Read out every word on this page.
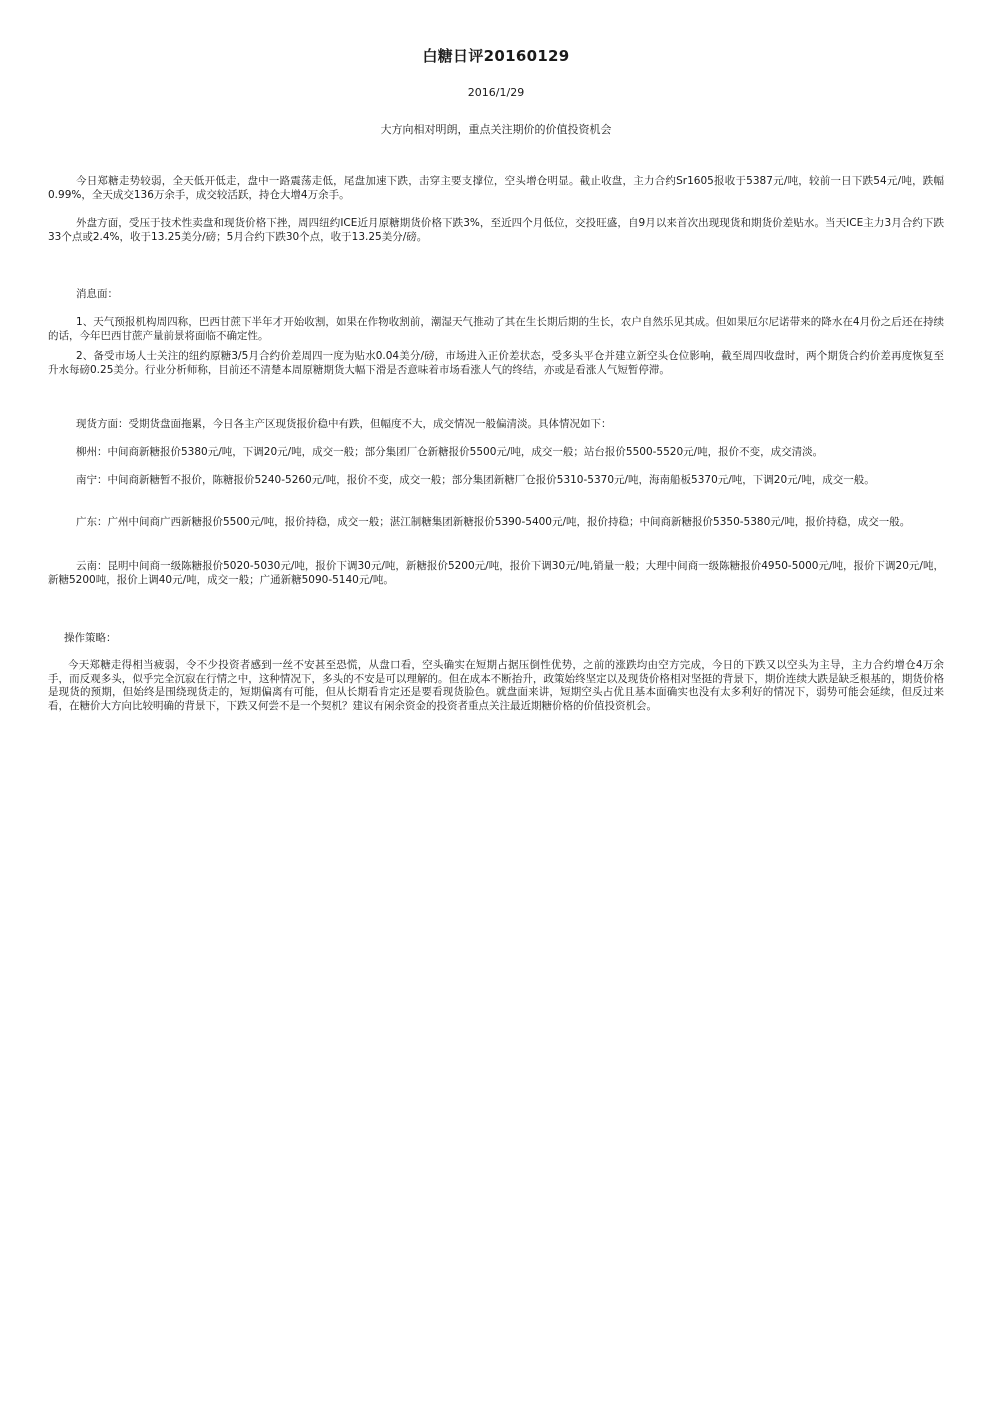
白糖日评20160129
2016/1/29
大方向相对明朗，重点关注期价的价值投资机会

今日郑糖走势较弱，全天低开低走，盘中一路震荡走低，尾盘加速下跌，击穿主要支撑位，空头增仓明显。截止收盘，主力合约Sr1605报收于5387元/吨，较前一日下跌54元/吨，跌幅0.99%，全天成交136万余手，成交较活跃，持仓大增4万余手。

外盘方面，受压于技术性卖盘和现货价格下挫，周四纽约ICE近月原糖期货价格下跌3%，至近四个月低位，交投旺盛，自9月以来首次出现现货和期货价差贴水。当天ICE主力3月合约下跌33个点或2.4%，收于13.25美分/磅；5月合约下跌30个点，收于13.25美分/磅。

消息面：

1、天气预报机构周四称，巴西甘蔗下半年才开始收割，如果在作物收割前，潮湿天气推动了其在生长期后期的生长，农户自然乐见其成。但如果厄尔尼诺带来的降水在4月份之后还在持续的话，今年巴西甘蔗产量前景将面临不确定性。

2、备受市场人士关注的纽约原糖3/5月合约价差周四一度为贴水0.04美分/磅，市场进入正价差状态，受多头平仓并建立新空头仓位影响，截至周四收盘时，两个期货合约价差再度恢复至升水每磅0.25美分。行业分析师称，目前还不清楚本周原糖期货大幅下滑是否意味着市场看涨人气的终结，亦或是看涨人气短暂停滞。

现货方面：受期货盘面拖累，今日各主产区现货报价稳中有跌，但幅度不大，成交情况一般偏清淡。具体情况如下：

柳州：中间商新糖报价5380元/吨，下调20元/吨，成交一般；部分集团厂仓新糖报价5500元/吨，成交一般；站台报价5500-5520元/吨，报价不变，成交清淡。

南宁：中间商新糖暂不报价，陈糖报价5240-5260元/吨，报价不变，成交一般；部分集团新糖厂仓报价5310-5370元/吨，海南船板5370元/吨，下调20元/吨，成交一般。

广东：广州中间商广西新糖报价5500元/吨，报价持稳，成交一般；湛江制糖集团新糖报价5390-5400元/吨，报价持稳；中间商新糖报价5350-5380元/吨，报价持稳，成交一般。

云南：昆明中间商一级陈糖报价5020-5030元/吨，报价下调30元/吨，新糖报价5200元/吨，报价下调30元/吨,销量一般；大理中间商一级陈糖报价4950-5000元/吨，报价下调20元/吨，新糖5200吨，报价上调40元/吨，成交一般；广通新糖5090-5140元/吨。

操作策略：

今天郑糖走得相当疲弱，令不少投资者感到一丝不安甚至恐慌，从盘口看，空头确实在短期占据压倒性优势，之前的涨跌均由空方完成，今日的下跌又以空头为主导，主力合约增仓4万余手，而反观多头，似乎完全沉寂在行情之中，这种情况下，多头的不安是可以理解的。但在成本不断抬升，政策始终坚定以及现货价格相对坚挺的背景下，期价连续大跌是缺乏根基的，期货价格是现货的预期，但始终是围绕现货走的，短期偏离有可能，但从长期看肯定还是要看现货脸色。就盘面来讲，短期空头占优且基本面确实也没有太多利好的情况下，弱势可能会延续，但反过来看，在糖价大方向比较明确的背景下，下跌又何尝不是一个契机？建议有闲余资金的投资者重点关注最近期糖价格的价值投资机会。
